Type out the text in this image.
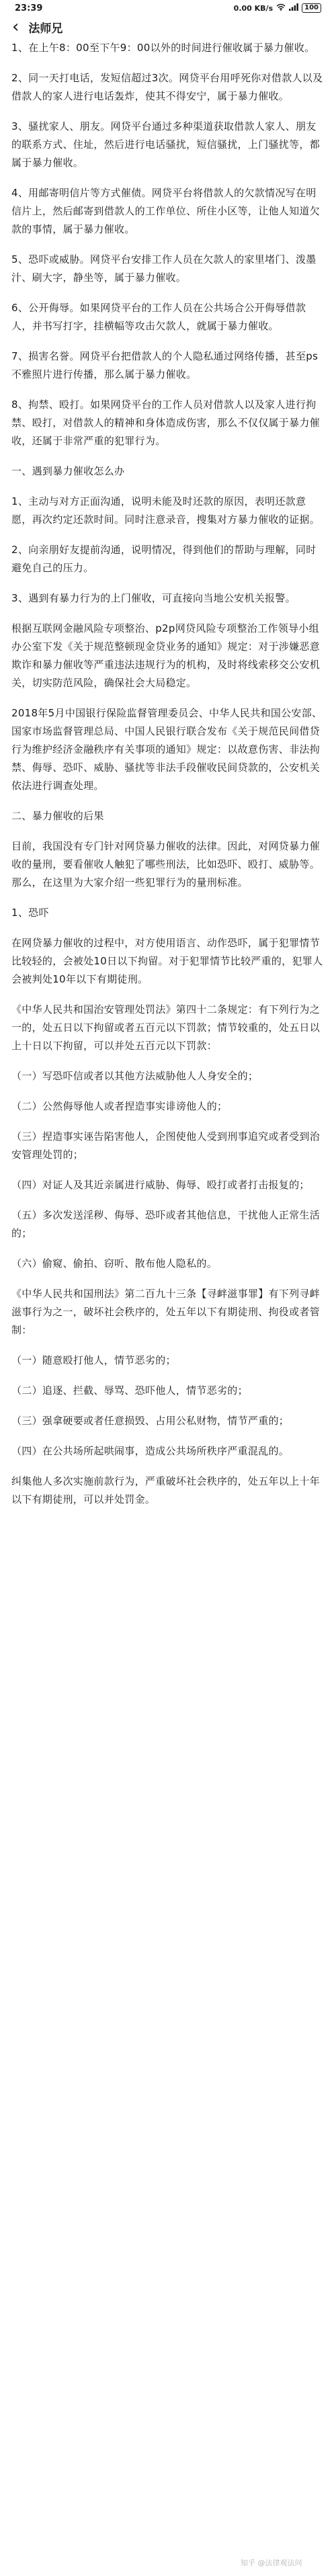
23:39	0.00 KB/s	100
‹ 法师兄

1、在上午8：00至下午9：00以外的时间进行催收属于暴力催收。

2、同一天打电话，发短信超过3次。网贷平台用呼死你对借款人以及借款人的家人进行电话轰炸，使其不得安宁，属于暴力催收。

3、骚扰家人、朋友。网贷平台通过多种渠道获取借款人家人、朋友的联系方式、住址，然后进行电话骚扰，短信骚扰，上门骚扰等，都属于暴力催收。

4、用邮寄明信片等方式催债。网贷平台将借款人的欠款情况写在明信片上，然后邮寄到借款人的工作单位、所住小区等，让他人知道欠款的事情，属于暴力催收。

5、恐吓或威胁。网贷平台安排工作人员在欠款人的家里堵门、泼墨汁、刷大字，静坐等，属于暴力催收。

6、公开侮辱。如果网贷平台的工作人员在公共场合公开侮辱借款人，并书写打字，挂横幅等攻击欠款人，就属于暴力催收。

7、损害名誉。网贷平台把借款人的个人隐私通过网络传播，甚至ps不雅照片进行传播，那么属于暴力催收。

8、拘禁、殴打。如果网贷平台的工作人员对借款人以及家人进行拘禁、殴打，对借款人的精神和身体造成伤害，那么不仅仅属于暴力催收，还属于非常严重的犯罪行为。

一、遇到暴力催收怎么办

1、主动与对方正面沟通，说明未能及时还款的原因，表明还款意愿，再次约定还款时间。同时注意录音，搜集对方暴力催收的证据。

2、向亲朋好友提前沟通，说明情况，得到他们的帮助与理解，同时避免自己的压力。

3、遇到有暴力行为的上门催收，可直接向当地公安机关报警。

根据互联网金融风险专项整治、p2p网贷风险专项整治工作领导小组办公室下发《关于规范整顿现金贷业务的通知》规定：对于涉嫌恶意欺诈和暴力催收等严重违法违规行为的机构，及时将线索移交公安机关，切实防范风险，确保社会大局稳定。

2018年5月中国银行保险监督管理委员会、中华人民共和国公安部、国家市场监督管理总局、中国人民银行联合发布《关于规范民间借贷行为维护经济金融秩序有关事项的通知》规定：以故意伤害、非法拘禁、侮辱、恐吓、威胁、骚扰等非法手段催收民间贷款的，公安机关依法进行调查处理。

二、暴力催收的后果

目前，我国没有专门针对网贷暴力催收的法律。因此，对网贷暴力催收的量刑，要看催收人触犯了哪些刑法，比如恐吓、殴打、威胁等。那么，在这里为大家介绍一些犯罪行为的量刑标准。

1、恐吓

在网贷暴力催收的过程中，对方使用语言、动作恐吓，属于犯罪情节比较轻的，会被处10日以下拘留。对于犯罪情节比较严重的，犯罪人会被判处10年以下有期徒刑。

《中华人民共和国治安管理处罚法》第四十二条规定：有下列行为之一的，处五日以下拘留或者五百元以下罚款；情节较重的，处五日以上十日以下拘留，可以并处五百元以下罚款：

（一）写恐吓信或者以其他方法威胁他人人身安全的；

（二）公然侮辱他人或者捏造事实诽谤他人的；

（三）捏造事实诬告陷害他人，企图使他人受到刑事追究或者受到治安管理处罚的；

（四）对证人及其近亲属进行威胁、侮辱、殴打或者打击报复的；

（五）多次发送淫秽、侮辱、恐吓或者其他信息，干扰他人正常生活的；

（六）偷窥、偷拍、窃听、散布他人隐私的。

《中华人民共和国刑法》第二百九十三条【寻衅滋事罪】有下列寻衅滋事行为之一，破坏社会秩序的，处五年以下有期徒刑、拘役或者管制：

（一）随意殴打他人，情节恶劣的；

（二）追逐、拦截、辱骂、恐吓他人，情节恶劣的；

（三）强拿硬要或者任意损毁、占用公私财物，情节严重的；

（四）在公共场所起哄闹事，造成公共场所秩序严重混乱的。

纠集他人多次实施前款行为，严重破坏社会秩序的，处五年以上十年以下有期徒刑，可以并处罚金。

知乎 @法律观法问
